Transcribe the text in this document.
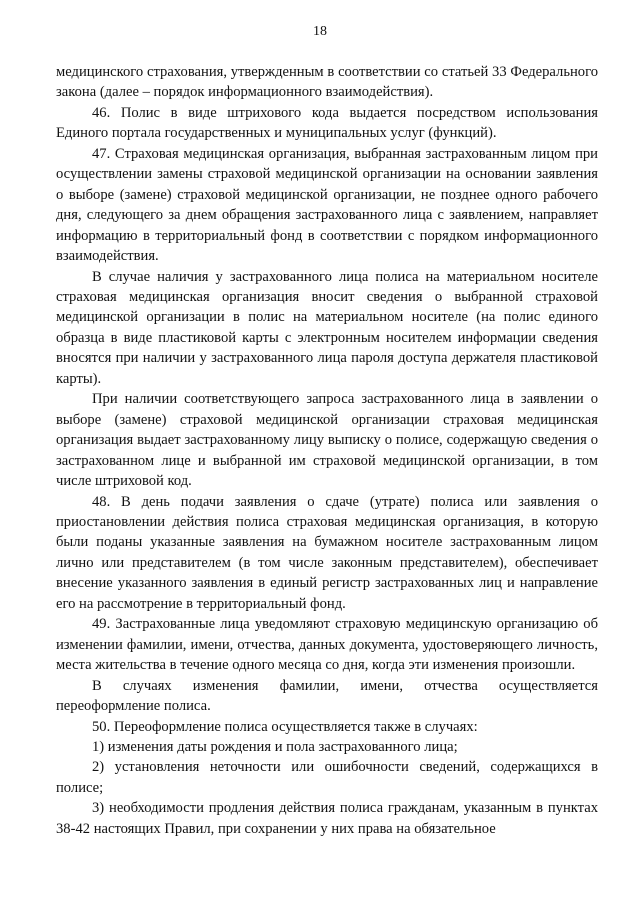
18

медицинского страхования, утвержденным в соответствии со статьей 33 Федерального закона (далее – порядок информационного взаимодействия).

46. Полис в виде штрихового кода выдается посредством использования Единого портала государственных и муниципальных услуг (функций).

47. Страховая медицинская организация, выбранная застрахованным лицом при осуществлении замены страховой медицинской организации на основании заявления о выборе (замене) страховой медицинской организации, не позднее одного рабочего дня, следующего за днем обращения застрахованного лица с заявлением, направляет информацию в территориальный фонд в соответствии с порядком информационного взаимодействия.

В случае наличия у застрахованного лица полиса на материальном носителе страховая медицинская организация вносит сведения о выбранной страховой медицинской организации в полис на материальном носителе (на полис единого образца в виде пластиковой карты с электронным носителем информации сведения вносятся при наличии у застрахованного лица пароля доступа держателя пластиковой карты).

При наличии соответствующего запроса застрахованного лица в заявлении о выборе (замене) страховой медицинской организации страховая медицинская организация выдает застрахованному лицу выписку о полисе, содержащую сведения о застрахованном лице и выбранной им страховой медицинской организации, в том числе штриховой код.

48. В день подачи заявления о сдаче (утрате) полиса или заявления о приостановлении действия полиса страховая медицинская организация, в которую были поданы указанные заявления на бумажном носителе застрахованным лицом лично или представителем (в том числе законным представителем), обеспечивает внесение указанного заявления в единый регистр застрахованных лиц и направление его на рассмотрение в территориальный фонд.

49. Застрахованные лица уведомляют страховую медицинскую организацию об изменении фамилии, имени, отчества, данных документа, удостоверяющего личность, места жительства в течение одного месяца со дня, когда эти изменения произошли.

В случаях изменения фамилии, имени, отчества осуществляется переоформление полиса.

50. Переоформление полиса осуществляется также в случаях:

1) изменения даты рождения и пола застрахованного лица;

2) установления неточности или ошибочности сведений, содержащихся в полисе;

3) необходимости продления действия полиса гражданам, указанным в пунктах 38-42 настоящих Правил, при сохранении у них права на обязательное
